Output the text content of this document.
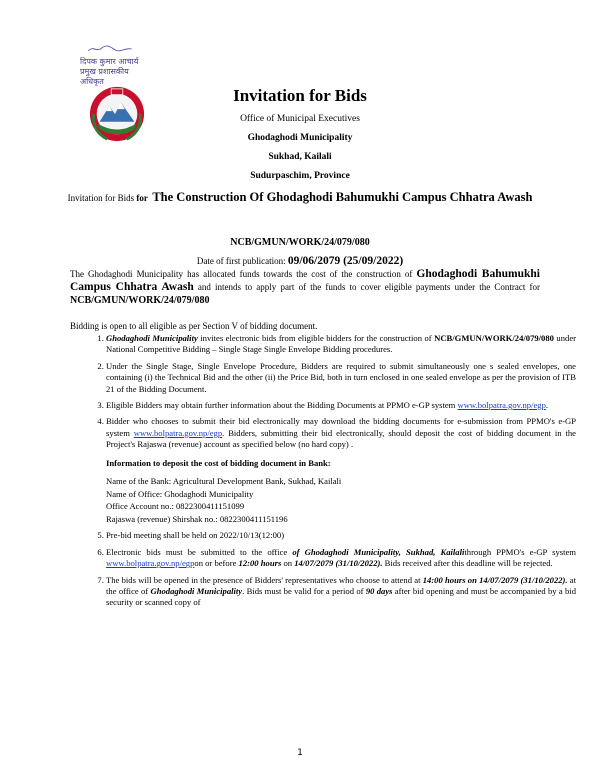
दिपक कुमार आचार्य
प्रमुख प्रशासकीय अधिकृत
Invitation for Bids
Office of Municipal Executives
Ghodaghodi Municipality
Sukhad, Kailali
Sudurpaschim, Province
Invitation for Bids for The Construction Of Ghodaghodi Bahumukhi Campus Chhatra Awash
NCB/GMUN/WORK/24/079/080
Date of first publication: 09/06/2079 (25/09/2022)
The Ghodaghodi Municipality has allocated funds towards the cost of the construction of Ghodaghodi Bahumukhi Campus Chhatra Awash and intends to apply part of the funds to cover eligible payments under the Contract for NCB/GMUN/WORK/24/079/080
Bidding is open to all eligible as per Section V of bidding document.
1. Ghodaghodi Municipality invites electronic bids from eligible bidders for the construction of NCB/GMUN/WORK/24/079/080 under National Competitive Bidding – Single Stage Single Envelope Bidding procedures.
2. Under the Single Stage, Single Envelope Procedure, Bidders are required to submit simultaneously one s sealed envelopes, one containing (i) the Technical Bid and the other (ii) the Price Bid, both in turn enclosed in one sealed envelope as per the provision of ITB 21 of the Bidding Document.
3. Eligible Bidders may obtain further information about the Bidding Documents at PPMO e-GP system www.bolpatra.gov.np/egp.
4. Bidder who chooses to submit their bid electronically may download the bidding documents for e-submission from PPMO's e-GP system www.bolpatra.gov.np/egp. Bidders, submitting their bid electronically, should deposit the cost of bidding document in the Project's Rajaswa (revenue) account as specified below (no hard copy) .
Information to deposit the cost of bidding document in Bank:
Name of the Bank: Agricultural Development Bank, Sukhad, Kailali
Name of Office: Ghodaghodi Municipality
Office Account no.: 0822300411151099
Rajaswa (revenue) Shirshak no.: 0822300411151196
5. Pre-bid meeting shall be held on 2022/10/13(12:00)
6. Electronic bids must be submitted to the office of Ghodaghodi Municipality, Sukhad, Kailalithrough PPMO's e-GP system www.bolpatra.gov.np/egpon or before 12:00 hours on 14/07/2079 (31/10/2022). Bids received after this deadline will be rejected.
7. The bids will be opened in the presence of Bidders' representatives who choose to attend at 14:00 hours on 14/07/2079 (31/10/2022). at the office of Ghodaghodi Municipality. Bids must be valid for a period of 90 days after bid opening and must be accompanied by a bid security or scanned copy of
1
